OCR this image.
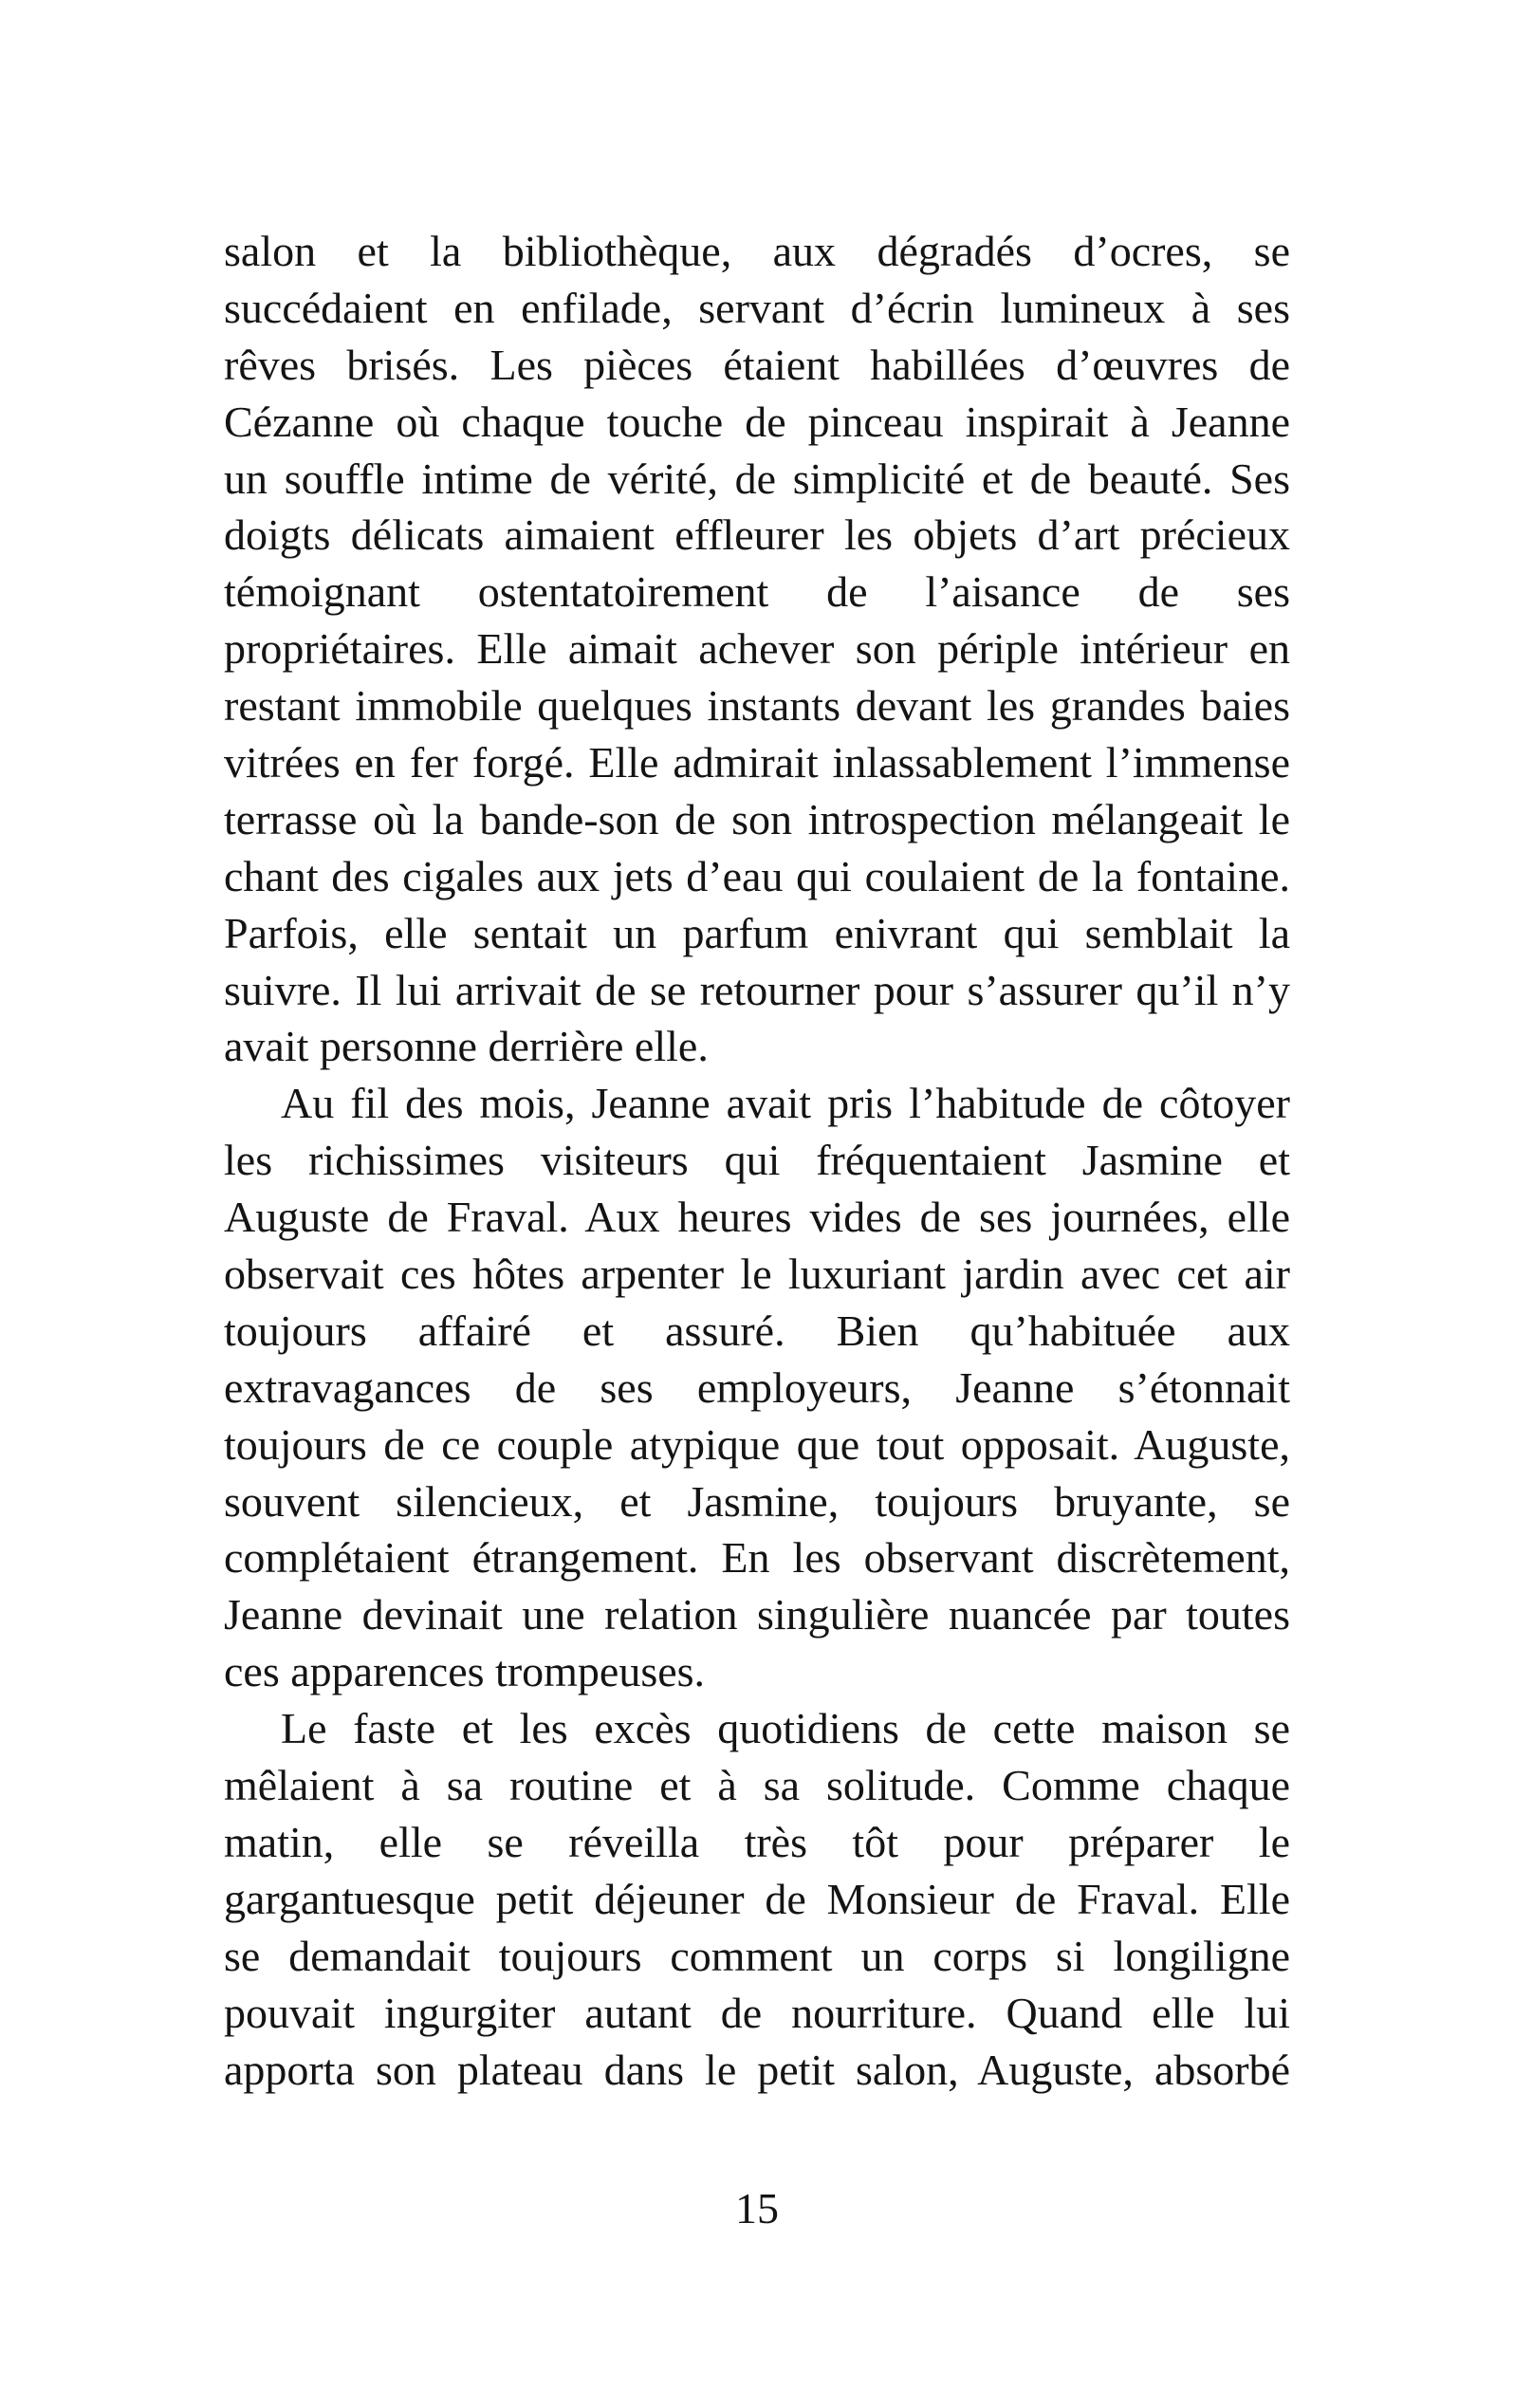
salon et la bibliothèque, aux dégradés d’ocres, se
succédaient en enfilade, servant d’écrin lumineux à ses
rêves brisés. Les pièces étaient habillées d’œuvres de
Cézanne où chaque touche de pinceau inspirait à Jeanne
un souffle intime de vérité, de simplicité et de beauté. Ses
doigts délicats aimaient effleurer les objets d’art précieux
témoignant ostentatoirement de l’aisance de ses
propriétaires. Elle aimait achever son périple intérieur en
restant immobile quelques instants devant les grandes baies
vitrées en fer forgé. Elle admirait inlassablement l’immense
terrasse où la bande-son de son introspection mélangeait le
chant des cigales aux jets d’eau qui coulaient de la fontaine.
Parfois, elle sentait un parfum enivrant qui semblait la
suivre. Il lui arrivait de se retourner pour s’assurer qu’il n’y
avait personne derrière elle.
Au fil des mois, Jeanne avait pris l’habitude de côtoyer
les richissimes visiteurs qui fréquentaient Jasmine et
Auguste de Fraval. Aux heures vides de ses journées, elle
observait ces hôtes arpenter le luxuriant jardin avec cet air
toujours affairé et assuré. Bien qu’habituée aux
extravagances de ses employeurs, Jeanne s’étonnait
toujours de ce couple atypique que tout opposait. Auguste,
souvent silencieux, et Jasmine, toujours bruyante, se
complétaient étrangement. En les observant discrètement,
Jeanne devinait une relation singulière nuancée par toutes
ces apparences trompeuses.
Le faste et les excès quotidiens de cette maison se
mêlaient à sa routine et à sa solitude. Comme chaque
matin, elle se réveilla très tôt pour préparer le
gargantuesque petit déjeuner de Monsieur de Fraval. Elle
se demandait toujours comment un corps si longiligne
pouvait ingurgiter autant de nourriture. Quand elle lui
apporta son plateau dans le petit salon, Auguste, absorbé
15
